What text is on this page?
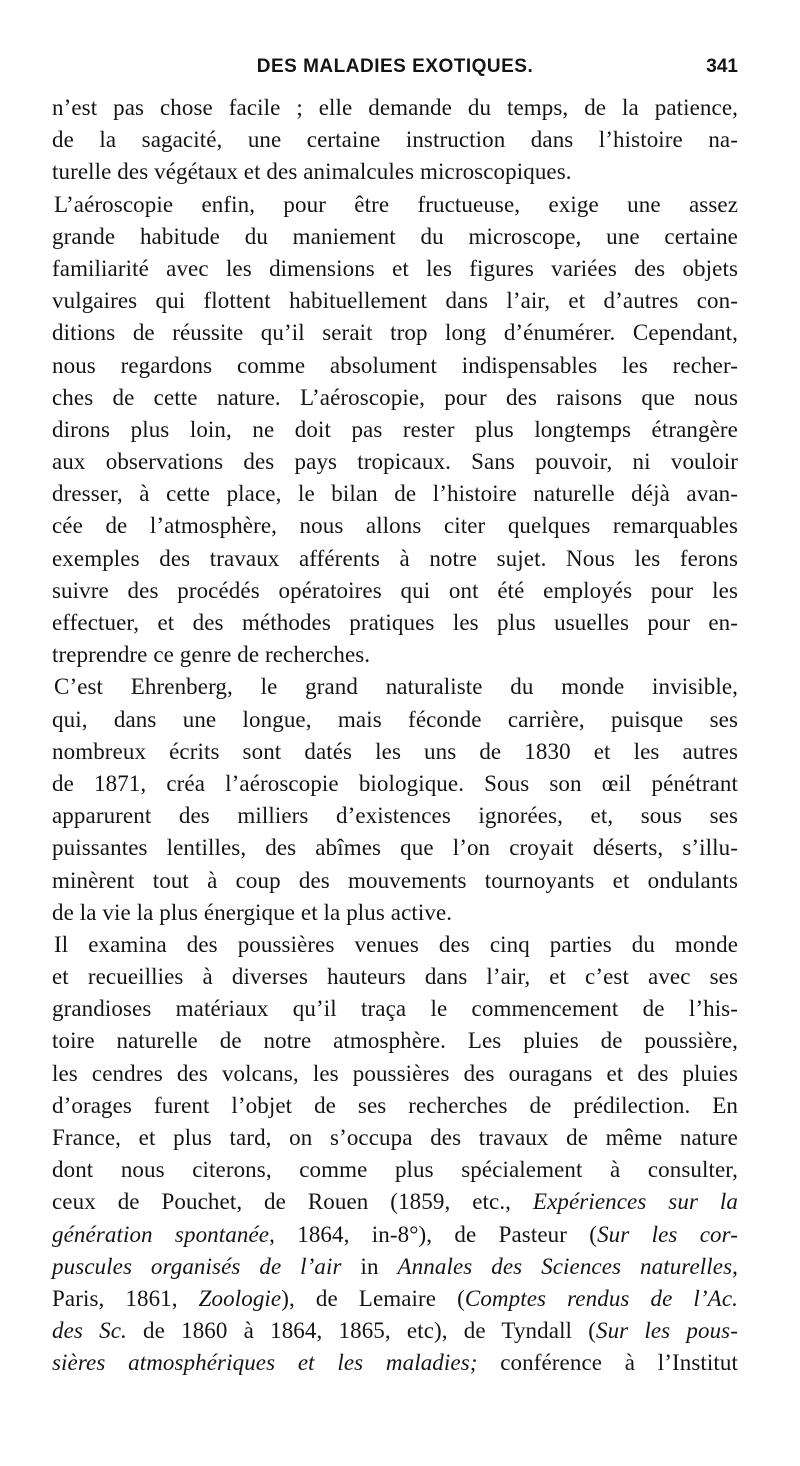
DES MALADIES EXOTIQUES.	341
n’est pas chose facile ; elle demande du temps, de la patience,
de la sagacité, une certaine instruction dans l’histoire na-
turelle des végétaux et des animalcules microscopiques.
L’aéroscopie enfin, pour être fructueuse, exige une assez
grande habitude du maniement du microscope, une certaine
familiarité avec les dimensions et les figures variées des objets
vulgaires qui flottent habituellement dans l’air, et d’autres con-
ditions de réussite qu’il serait trop long d’énumérer. Cependant,
nous regardons comme absolument indispensables les recher-
ches de cette nature. L’aéroscopie, pour des raisons que nous
dirons plus loin, ne doit pas rester plus longtemps étrangère
aux observations des pays tropicaux. Sans pouvoir, ni vouloir
dresser, à cette place, le bilan de l’histoire naturelle déjà avan-
cée de l’atmosphère, nous allons citer quelques remarquables
exemples des travaux afférents à notre sujet. Nous les ferons
suivre des procédés opératoires qui ont été employés pour les
effectuer, et des méthodes pratiques les plus usuelles pour en-
treprendre ce genre de recherches.
C’est Ehrenberg, le grand naturaliste du monde invisible,
qui, dans une longue, mais féconde carrière, puisque ses
nombreux écrits sont datés les uns de 1830 et les autres
de 1871, créa l’aéroscopie biologique. Sous son œil pénétrant
apparurent des milliers d’existences ignorées, et, sous ses
puissantes lentilles, des abîmes que l’on croyait déserts, s’illu-
minèrent tout à coup des mouvements tournoyants et ondulants
de la vie la plus énergique et la plus active.
Il examina des poussières venues des cinq parties du monde
et recueillies à diverses hauteurs dans l’air, et c’est avec ses
grandioses matériaux qu’il traça le commencement de l’his-
toire naturelle de notre atmosphère. Les pluies de poussière,
les cendres des volcans, les poussières des ouragans et des pluies
d’orages furent l’objet de ses recherches de prédilection. En
France, et plus tard, on s’occupa des travaux de même nature
dont nous citerons, comme plus spécialement à consulter,
ceux de Pouchet, de Rouen (1859, etc., Expériences sur la
génération spontanée, 1864, in-8°), de Pasteur (Sur les cor-
puscules organisés de l’air in Annales des Sciences naturelles,
Paris, 1861, Zoologie), de Lemaire (Comptes rendus de l’Ac.
des Sc. de 1860 à 1864, 1865, etc), de Tyndall (Sur les pous-
sières atmosphériques et les maladies; conférence à l’Institut
